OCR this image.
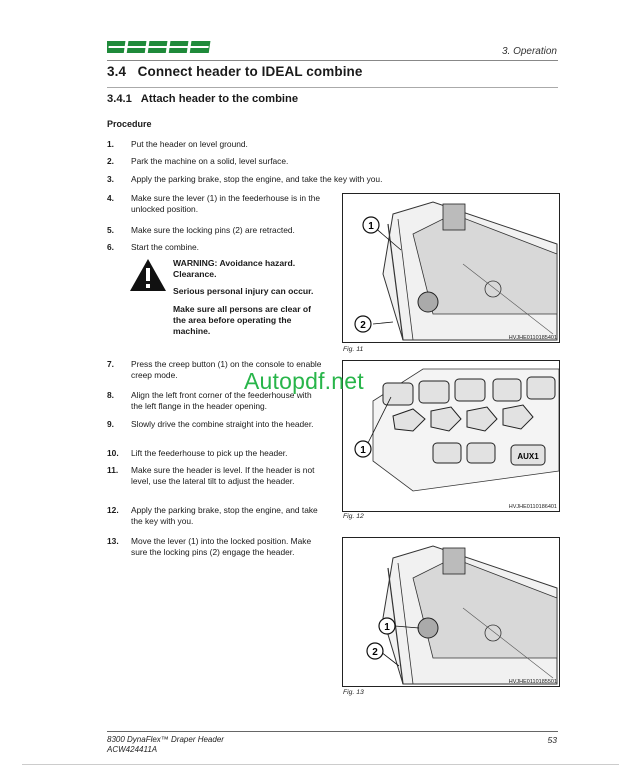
3. Operation
3.4   Connect header to IDEAL combine
3.4.1   Attach header to the combine
Procedure
1. Put the header on level ground.
2. Park the machine on a solid, level surface.
3. Apply the parking brake, stop the engine, and take the key with you.
4. Make sure the lever (1) in the feederhouse is in the unlocked position.
5. Make sure the locking pins (2) are retracted.
6. Start the combine.

WARNING: Avoidance hazard. Clearance.

Serious personal injury can occur.

Make sure all persons are clear of the area before operating the machine.

7. Press the creep button (1) on the console to enable creep mode.
8. Align the left front corner of the feederhouse with the left flange in the header opening.
9. Slowly drive the combine straight into the header.
10. Lift the feederhouse to pick up the header.
11. Make sure the header is level. If the header is not level, use the lateral tilt to adjust the header.
12. Apply the parking brake, stop the engine, and take the key with you.
13. Move the lever (1) into the locked position. Make sure the locking pins (2) engage the header.
1
2
HVJHE0110185401
Fig. 11
AUX1
1
HVJHE0110186401
Fig. 12
1
2
HVJHE0110185501
Fig. 13
Autopdf.net
8300 DynaFlex™ Draper Header
ACW424411A
53
